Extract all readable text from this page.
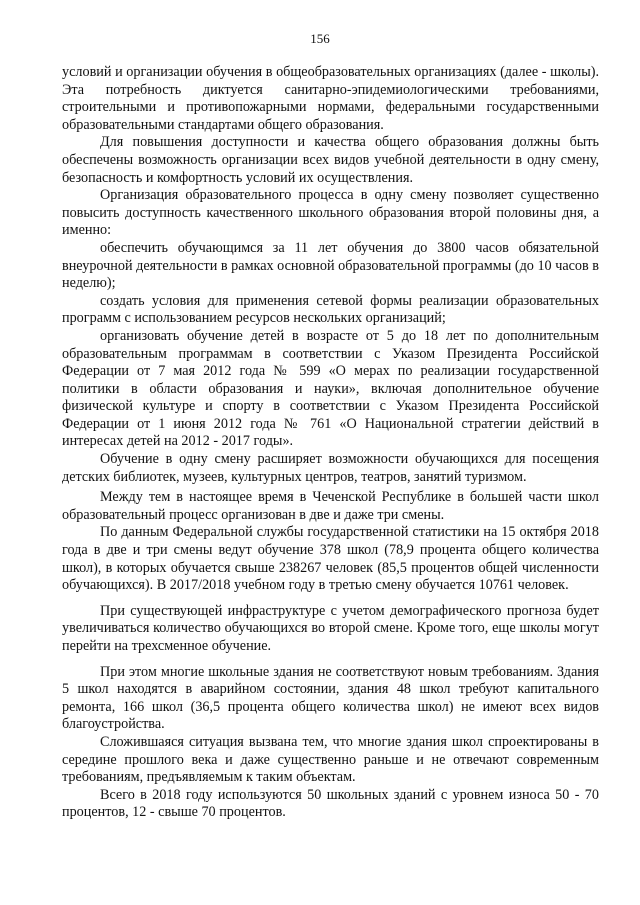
156

условий и организации обучения в общеобразовательных организациях (далее - школы). Эта потребность диктуется санитарно-эпидемиологическими требованиями, строительными и противопожарными нормами, федеральными государственными образовательными стандартами общего образования.

Для повышения доступности и качества общего образования должны быть обеспечены возможность организации всех видов учебной деятельности в одну смену, безопасность и комфортность условий их осуществления.

Организация образовательного процесса в одну смену позволяет существенно повысить доступность качественного школьного образования второй половины дня, а именно:

обеспечить обучающимся за 11 лет обучения до 3800 часов обязательной внеурочной деятельности в рамках основной образовательной программы (до 10 часов в неделю);

создать условия для применения сетевой формы реализации образовательных программ с использованием ресурсов нескольких организаций;

организовать обучение детей в возрасте от 5 до 18 лет по дополнительным образовательным программам в соответствии с Указом Президента Российской Федерации от 7 мая 2012 года № 599 «О мерах по реализации государственной политики в области образования и науки», включая дополнительное обучение физической культуре и спорту в соответствии с Указом Президента Российской Федерации от 1 июня 2012 года № 761 «О Национальной стратегии действий в интересах детей на 2012 - 2017 годы».

Обучение в одну смену расширяет возможности обучающихся для посещения детских библиотек, музеев, культурных центров, театров, занятий туризмом.

Между тем в настоящее время в Чеченской Республике в большей части школ образовательный процесс организован в две и даже три смены.

По данным Федеральной службы государственной статистики на 15 октября 2018 года в две и три смены ведут обучение 378 школ (78,9 процента общего количества школ), в которых обучается свыше 238267 человек (85,5 процентов общей численности обучающихся). В 2017/2018 учебном году в третью смену обучается 10761 человек.

При существующей инфраструктуре с учетом демографического прогноза будет увеличиваться количество обучающихся во второй смене. Кроме того, еще школы могут перейти на трехсменное обучение.

При этом многие школьные здания не соответствуют новым требованиям. Здания 5 школ находятся в аварийном состоянии, здания 48 школ требуют капитального ремонта, 166 школ (36,5 процента общего количества школ) не имеют всех видов благоустройства.

Сложившаяся ситуация вызвана тем, что многие здания школ спроектированы в середине прошлого века и даже существенно раньше и не отвечают современным требованиям, предъявляемым к таким объектам.

Всего в 2018 году используются 50 школьных зданий с уровнем износа 50 - 70 процентов, 12 - свыше 70 процентов.
